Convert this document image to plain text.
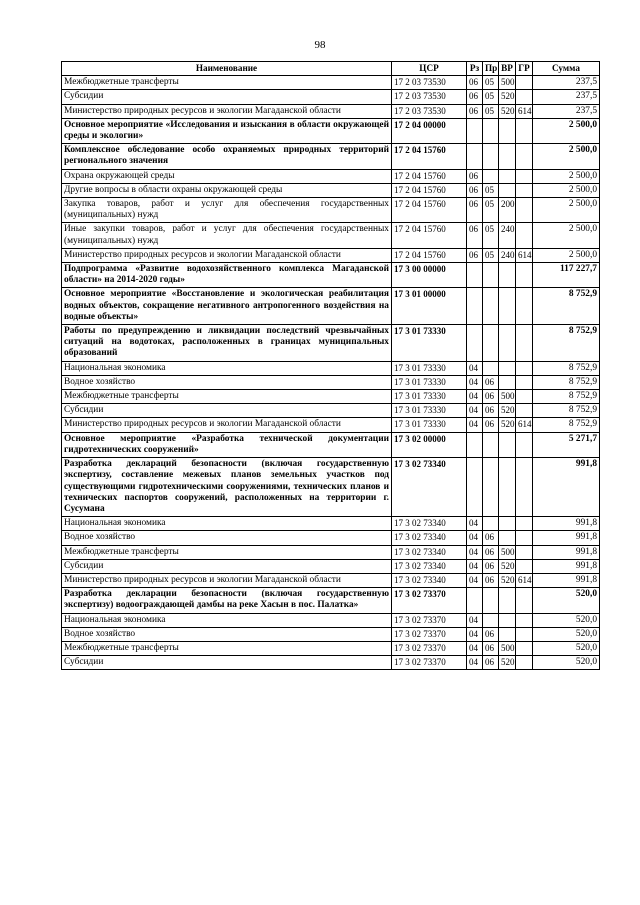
98
Наименование	ЦСР	Рз	Пр	ВР	ГР	Сумма
Межбюджетные трансферты	17 2 03 73530	06	05	500		237,5
Субсидии	17 2 03 73530	06	05	520		237,5
Министерство природных ресурсов и экологии Магаданской области	17 2 03 73530	06	05	520	614	237,5
Основное мероприятие «Исследования и изыскания в области окружающей среды и экологии»	17 2 04 00000					2 500,0
Комплексное обследование особо охраняемых природных территорий регионального значения	17 2 04 15760					2 500,0
Охрана окружающей среды	17 2 04 15760	06				2 500,0
Другие вопросы в области охраны окружающей среды	17 2 04 15760	06	05			2 500,0
Закупка товаров, работ и услуг для обеспечения государственных (муниципальных) нужд	17 2 04 15760	06	05	200		2 500,0
Иные закупки товаров, работ и услуг для обеспечения государственных (муниципальных) нужд	17 2 04 15760	06	05	240		2 500,0
Министерство природных ресурсов и экологии Магаданской области	17 2 04 15760	06	05	240	614	2 500,0
Подпрограмма «Развитие водохозяйственного комплекса Магаданской области» на 2014-2020 годы»	17 3 00 00000					117 227,7
Основное мероприятие «Восстановление и экологическая реабилитация водных объектов, сокращение негативного антропогенного воздействия на водные объекты»	17 3 01 00000					8 752,9
Работы по предупреждению и ликвидации последствий чрезвычайных ситуаций на водотоках, расположенных в границах муниципальных образований	17 3 01 73330					8 752,9
Национальная экономика	17 3 01 73330	04				8 752,9
Водное хозяйство	17 3 01 73330	04	06			8 752,9
Межбюджетные трансферты	17 3 01 73330	04	06	500		8 752,9
Субсидии	17 3 01 73330	04	06	520		8 752,9
Министерство природных ресурсов и экологии Магаданской области	17 3 01 73330	04	06	520	614	8 752,9
Основное мероприятие «Разработка технической документации гидротехнических сооружений»	17 3 02 00000					5 271,7
Разработка деклараций безопасности (включая государственную экспертизу, составление межевых планов земельных участков под существующими гидротехническими сооружениями, технических планов и технических паспортов сооружений, расположенных на территории г. Сусумана	17 3 02 73340					991,8
Национальная экономика	17 3 02 73340	04				991,8
Водное хозяйство	17 3 02 73340	04	06			991,8
Межбюджетные трансферты	17 3 02 73340	04	06	500		991,8
Субсидии	17 3 02 73340	04	06	520		991,8
Министерство природных ресурсов и экологии Магаданской области	17 3 02 73340	04	06	520	614	991,8
Разработка декларации безопасности (включая государственную экспертизу) водоограждающей дамбы на реке Хасын в пос. Палатка»	17 3 02 73370					520,0
Национальная экономика	17 3 02 73370	04				520,0
Водное хозяйство	17 3 02 73370	04	06			520,0
Межбюджетные трансферты	17 3 02 73370	04	06	500		520,0
Субсидии	17 3 02 73370	04	06	520		520,0
